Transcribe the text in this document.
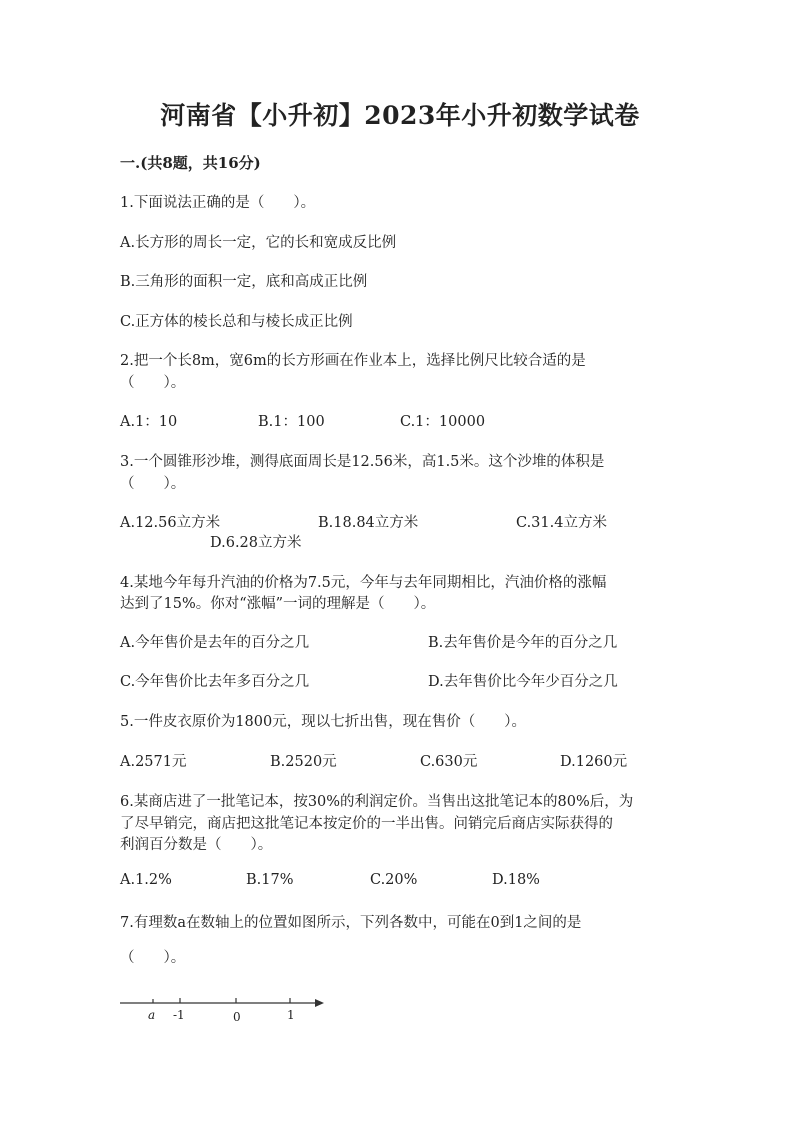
河南省【小升初】2023年小升初数学试卷
一.(共8题，共16分)
1.下面说法正确的是（　　）。
A.长方形的周长一定，它的长和宽成反比例
B.三角形的面积一定，底和高成正比例
C.正方体的棱长总和与棱长成正比例
2.把一个长8m，宽6m的长方形画在作业本上，选择比例尺比较合适的是
（　　）。
A.1：10	B.1：100	C.1：10000
3.一个圆锥形沙堆，测得底面周长是12.56米，高1.5米。这个沙堆的体积是
（　　）。
A.12.56立方米	B.18.84立方米	C.31.4立方米
D.6.28立方米
4.某地今年每升汽油的价格为7.5元，今年与去年同期相比，汽油价格的涨幅
达到了15%。你对“涨幅”一词的理解是（　　）。
A.今年售价是去年的百分之几	B.去年售价是今年的百分之几
C.今年售价比去年多百分之几	D.去年售价比今年少百分之几
5.一件皮衣原价为1800元，现以七折出售，现在售价（　　）。
A.2571元	B.2520元	C.630元	D.1260元
6.某商店进了一批笔记本，按30%的利润定价。当售出这批笔记本的80%后，为
了尽早销完，商店把这批笔记本按定价的一半出售。问销完后商店实际获得的
利润百分数是（　　）。
A.1.2%	B.17%	C.20%	D.18%
7.有理数a在数轴上的位置如图所示，下列各数中，可能在0到1之间的是
（　　）。
a -1	0	1
